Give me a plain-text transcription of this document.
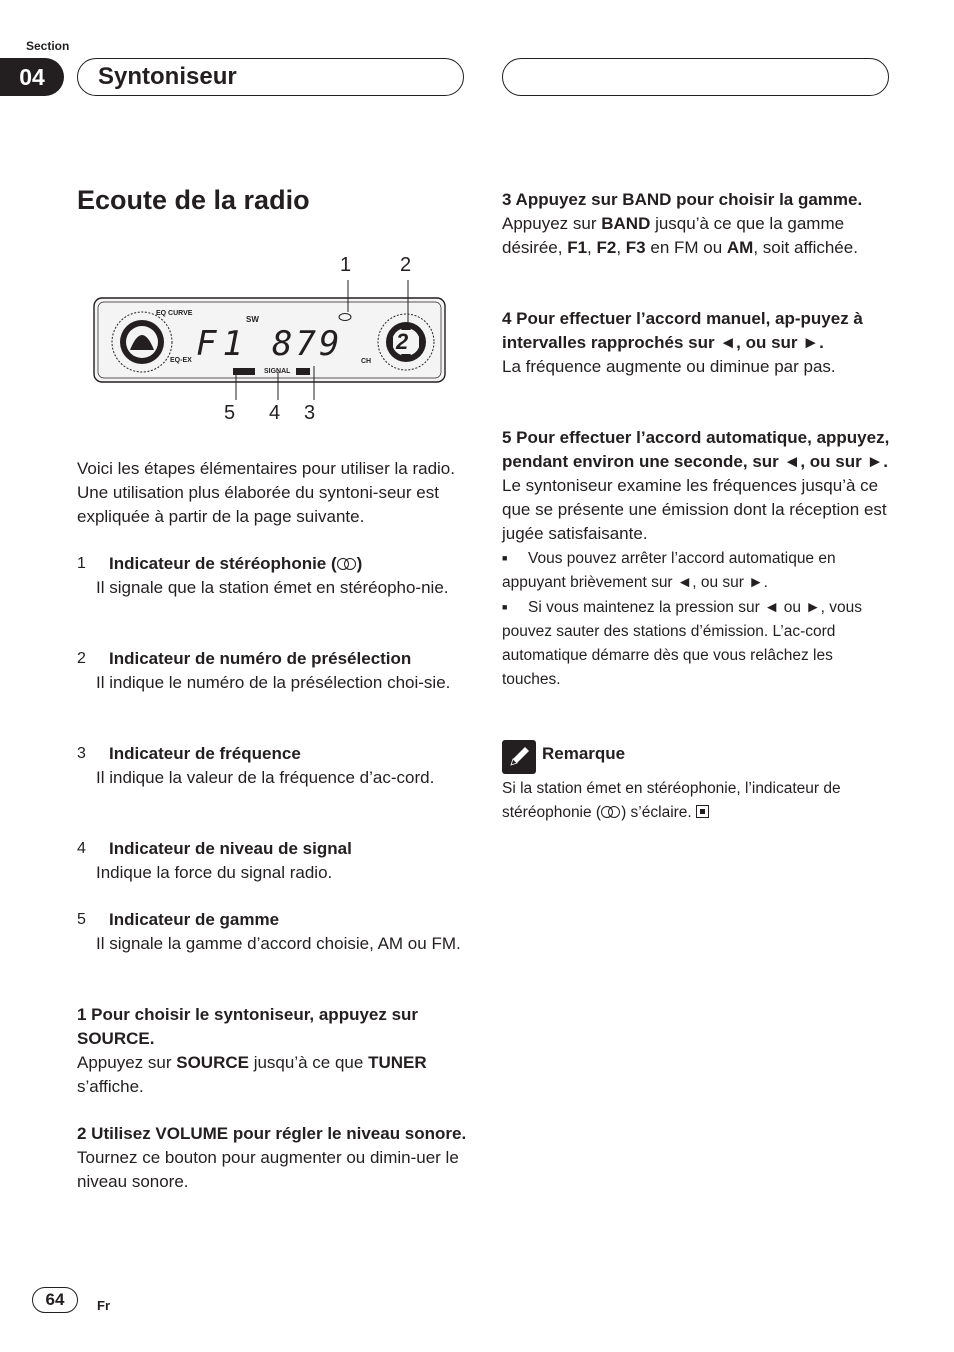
Section
04	Syntoniseur
Ecoute de la radio
1 2
5 4 3
EQ CURVE
EQ-EX
SW
F1 879
SIGNAL
CH
2
Voici les étapes élémentaires pour utiliser la radio. Une utilisation plus élaborée du syntoni-seur est expliquée à partir de la page suivante.
1	Indicateur de stéréophonie ( )
Il signale que la station émet en stéréopho-nie.
2	Indicateur de numéro de présélection
Il indique le numéro de la présélection choi-sie.
3	Indicateur de fréquence
Il indique la valeur de la fréquence d’ac-cord.
4	Indicateur de niveau de signal
Indique la force du signal radio.
5	Indicateur de gamme
Il signale la gamme d’accord choisie, AM ou FM.

1 Pour choisir le syntoniseur, appuyez sur SOURCE.

Appuyez sur SOURCE jusqu’à ce que TUNER s’affiche.

2 Utilisez VOLUME pour régler le niveau sonore.

Tournez ce bouton pour augmenter ou dimin-uer le niveau sonore.

3 Appuyez sur BAND pour choisir la gamme.

Appuyez sur BAND jusqu’à ce que la gamme désirée, F1, F2, F3 en FM ou AM, soit affichée.

4 Pour effectuer l’accord manuel, ap-puyez à intervalles rapprochés sur ◄, ou sur ►.

La fréquence augmente ou diminue par pas.

5 Pour effectuer l’accord automatique, appuyez, pendant environ une seconde, sur ◄, ou sur ►.

Le syntoniseur examine les fréquences jusqu’à ce que se présente une émission dont la réception est jugée satisfaisante.

■ Vous pouvez arrêter l’accord automatique en appuyant brièvement sur ◄, ou sur ►.

■ Si vous maintenez la pression sur ◄ ou ►, vous pouvez sauter des stations d’émission. L’ac-cord automatique démarre dès que vous relâchez les touches.

Remarque
Si la station émet en stéréophonie, l’indicateur de stéréophonie ( ) s’éclaire.
64	Fr
